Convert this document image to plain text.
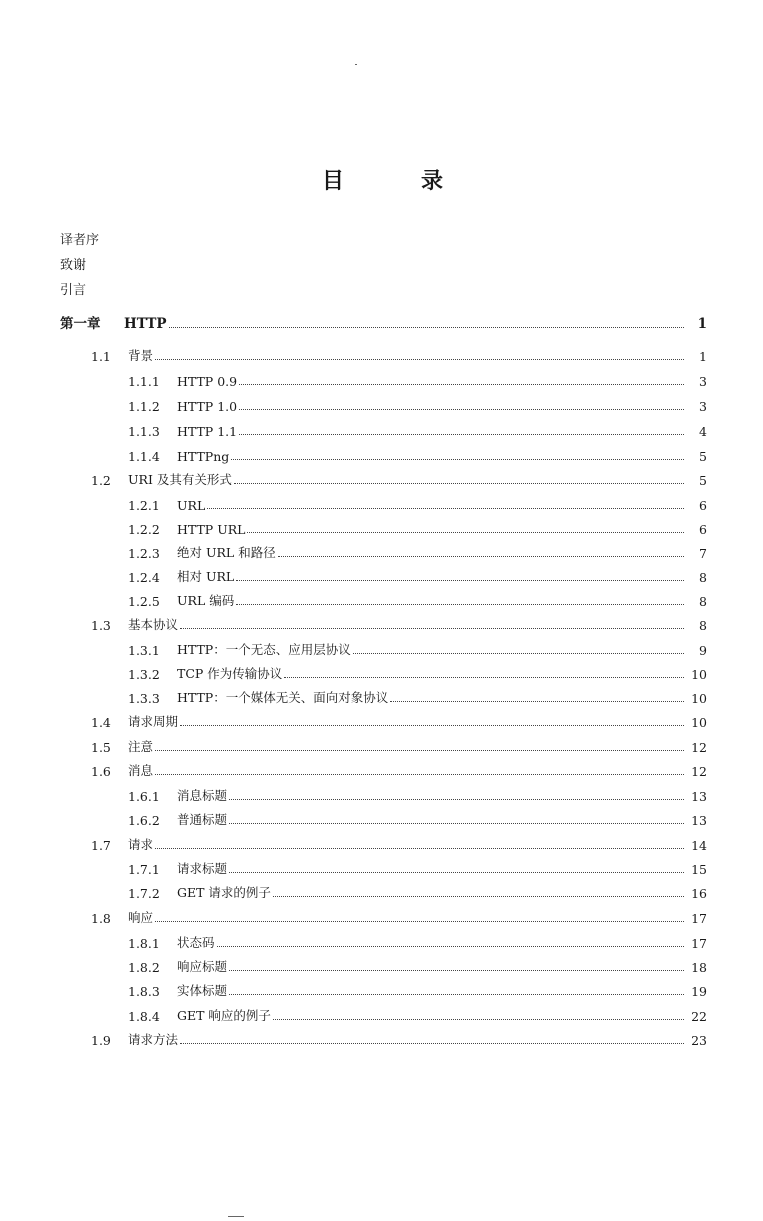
目	录
译者序
致谢
引言
第一章 HTTP	1
1.1 背景	1
1.1.1 HTTP 0.9	3
1.1.2 HTTP 1.0	3
1.1.3 HTTP 1.1	4
1.1.4 HTTPng	5
1.2 URI 及其有关形式	5
1.2.1 URL	6
1.2.2 HTTP URL	6
1.2.3 绝对 URL 和路径	7
1.2.4 相对 URL	8
1.2.5 URL 编码	8
1.3 基本协议	8
1.3.1 HTTP：一个无态、应用层协议	9
1.3.2 TCP 作为传输协议	10
1.3.3 HTTP：一个媒体无关、面向对象协议	10
1.4 请求周期	10
1.5 注意	12
1.6 消息	12
1.6.1 消息标题	13
1.6.2 普通标题	13
1.7 请求	14
1.7.1 请求标题	15
1.7.2 GET 请求的例子	16
1.8 响应	17
1.8.1 状态码	17
1.8.2 响应标题	18
1.8.3 实体标题	19
1.8.4 GET 响应的例子	22
1.9 请求方法	23
